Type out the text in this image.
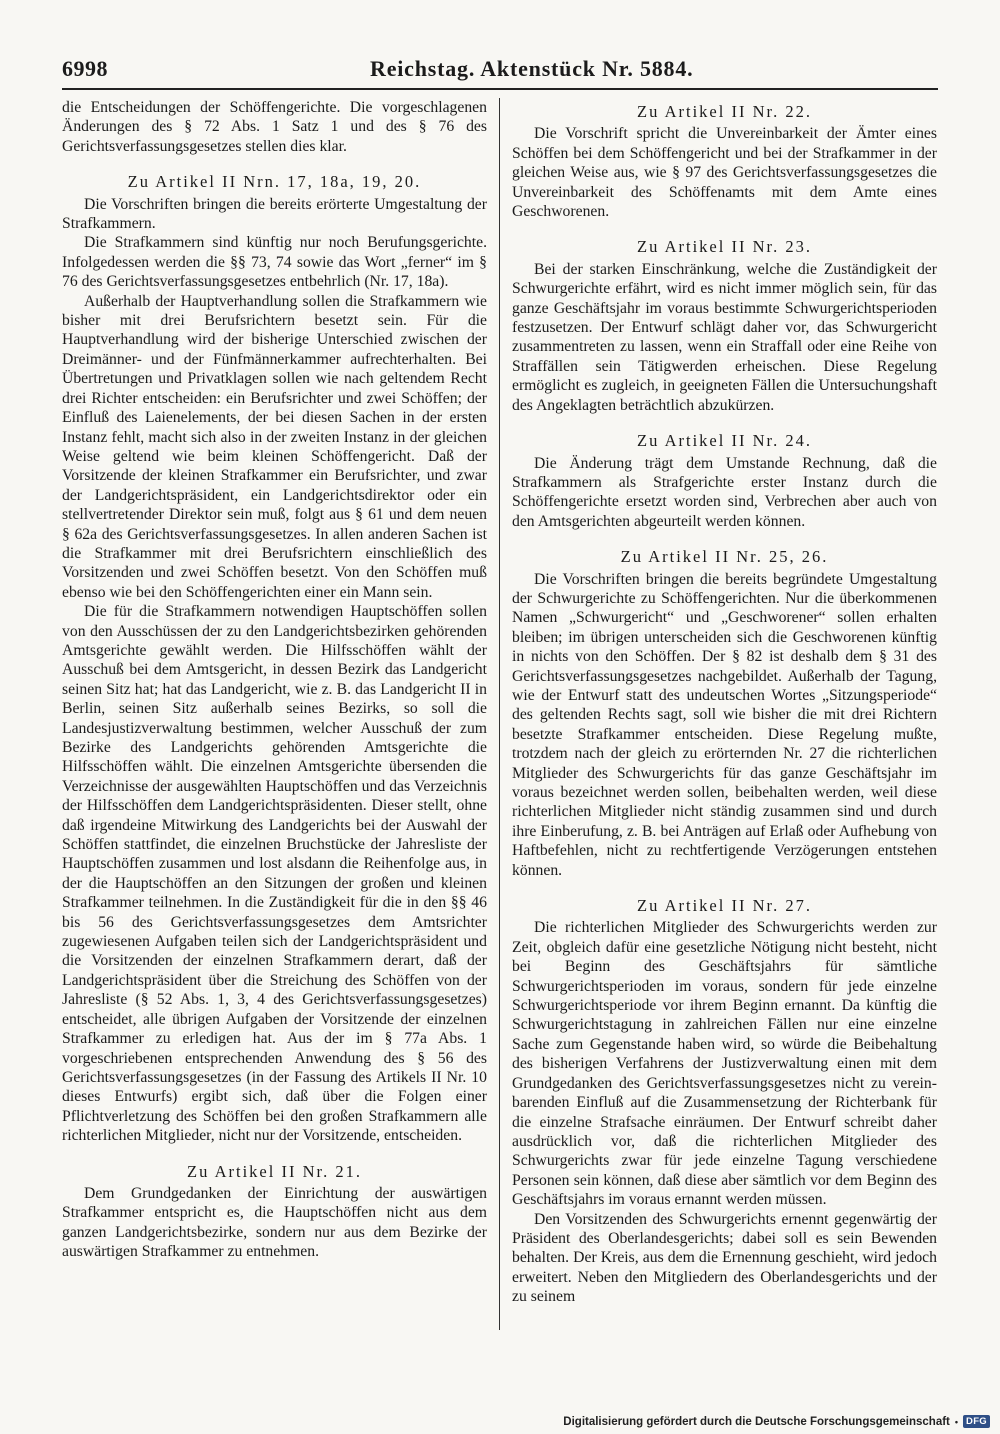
6998	Reichstag. Aktenstück Nr. 5884.

die Entscheidungen der Schöffengerichte. Die vorgeschlagenen Änderungen des § 72 Abs. 1 Satz 1 und des § 76 des Gerichtsverfassungsgesetzes stellen dies klar.

Zu Artikel II Nrn. 17, 18a, 19, 20.

Die Vorschriften bringen die bereits erörterte Umgestaltung der Strafkammern.

Die Strafkammern sind künftig nur noch Berufungsgerichte. Infolgedessen werden die §§ 73, 74 sowie das Wort „ferner“ im § 76 des Gerichtsverfassungsgesetzes entbehrlich (Nr. 17, 18a).

Außerhalb der Hauptverhandlung sollen die Strafkammern wie bisher mit drei Berufsrichtern besetzt sein. Für die Hauptverhandlung wird der bisherige Unterschied zwischen der Dreimänner- und der Fünfmännerkammer aufrechterhalten. Bei Übertretungen und Privatklagen sollen wie nach geltendem Recht drei Richter entscheiden: ein Berufsrichter und zwei Schöffen; der Einfluß des Laienelements, der bei diesen Sachen in der ersten Instanz fehlt, macht sich also in der zweiten Instanz in der gleichen Weise geltend wie beim kleinen Schöffengericht. Daß der Vorsitzende der kleinen Strafkammer ein Berufsrichter, und zwar der Landgerichtspräsident, ein Landgerichtsdirektor oder ein stellvertretender Direktor sein muß, folgt aus § 61 und dem neuen § 62a des Gerichtsverfassungsgesetzes. In allen anderen Sachen ist die Strafkammer mit drei Berufsrichtern einschließlich des Vorsitzenden und zwei Schöffen besetzt. Von den Schöffen muß ebenso wie bei den Schöffengerichten einer ein Mann sein.

Die für die Strafkammern notwendigen Hauptschöffen sollen von den Ausschüssen der zu den Landgerichtsbezirken gehörenden Amtsgerichte gewählt werden. Die Hilfsschöffen wählt der Ausschuß bei dem Amtsgericht, in dessen Bezirk das Landgericht seinen Sitz hat; hat das Landgericht, wie z. B. das Landgericht II in Berlin, seinen Sitz außerhalb seines Bezirks, so soll die Landesjustizverwaltung bestimmen, welcher Ausschuß der zum Bezirke des Landgerichts gehörenden Amtsgerichte die Hilfsschöffen wählt. Die einzelnen Amtsgerichte übersenden die Verzeichnisse der ausgewählten Hauptschöffen und das Verzeichnis der Hilfsschöffen dem Landgerichtspräsidenten. Dieser stellt, ohne daß irgendeine Mitwirkung des Landgerichts bei der Auswahl der Schöffen stattfindet, die einzelnen Bruchstücke der Jahresliste der Hauptschöffen zusammen und lost alsdann die Reihenfolge aus, in der die Hauptschöffen an den Sitzungen der großen und kleinen Strafkammer teilnehmen. In die Zuständigkeit für die in den §§ 46 bis 56 des Gerichtsverfassungsgesetzes dem Amtsrichter zugewiesenen Aufgaben teilen sich der Landgerichtspräsident und die Vorsitzenden der einzelnen Strafkammern derart, daß der Landgerichtspräsident über die Streichung des Schöffen von der Jahresliste (§ 52 Abs. 1, 3, 4 des Gerichtsverfassungsgesetzes) entscheidet, alle übrigen Aufgaben der Vorsitzende der einzelnen Strafkammer zu erledigen hat. Aus der im § 77a Abs. 1 vorgeschriebenen entsprechenden Anwendung des § 56 des Gerichtsverfassungsgesetzes (in der Fassung des Artikels II Nr. 10 dieses Entwurfs) ergibt sich, daß über die Folgen einer Pflichtverletzung des Schöffen bei den großen Strafkammern alle richterlichen Mitglieder, nicht nur der Vorsitzende, entscheiden.

Zu Artikel II Nr. 21.

Dem Grundgedanken der Einrichtung der auswärtigen Strafkammer entspricht es, die Hauptschöffen nicht aus dem ganzen Landgerichtsbezirke, sondern nur aus dem Bezirke der auswärtigen Strafkammer zu entnehmen.

Zu Artikel II Nr. 22.

Die Vorschrift spricht die Unvereinbarkeit der Ämter eines Schöffen bei dem Schöffengericht und bei der Strafkammer in der gleichen Weise aus, wie § 97 des Gerichtsverfassungsgesetzes die Unvereinbarkeit des Schöffenamts mit dem Amte eines Geschworenen.

Zu Artikel II Nr. 23.

Bei der starken Einschränkung, welche die Zuständigkeit der Schwurgerichte erfährt, wird es nicht immer möglich sein, für das ganze Geschäftsjahr im voraus bestimmte Schwurgerichtsperioden festzusetzen. Der Entwurf schlägt daher vor, das Schwurgericht zusammentreten zu lassen, wenn ein Straffall oder eine Reihe von Straffällen sein Tätigwerden erheischen. Diese Regelung ermöglicht es zugleich, in geeigneten Fällen die Untersuchungshaft des Angeklagten beträchtlich abzukürzen.

Zu Artikel II Nr. 24.

Die Änderung trägt dem Umstande Rechnung, daß die Strafkammern als Strafgerichte erster Instanz durch die Schöffengerichte ersetzt worden sind, Verbrechen aber auch von den Amtsgerichten abgeurteilt werden können.

Zu Artikel II Nr. 25, 26.

Die Vorschriften bringen die bereits begründete Umgestaltung der Schwurgerichte zu Schöffengerichten. Nur die überkommenen Namen „Schwurgericht“ und „Geschworener“ sollen erhalten bleiben; im übrigen unterscheiden sich die Geschworenen künftig in nichts von den Schöffen. Der § 82 ist deshalb dem § 31 des Gerichtsverfassungsgesetzes nachgebildet. Außerhalb der Tagung, wie der Entwurf statt des undeutschen Wortes „Sitzungsperiode“ des geltenden Rechts sagt, soll wie bisher die mit drei Richtern besetzte Strafkammer entscheiden. Diese Regelung mußte, trotzdem nach der gleich zu erörternden Nr. 27 die richterlichen Mitglieder des Schwurgerichts für das ganze Geschäftsjahr im voraus bezeichnet werden sollen, beibehalten werden, weil diese richterlichen Mitglieder nicht ständig zusammen sind und durch ihre Einberufung, z. B. bei Anträgen auf Erlaß oder Aufhebung von Haftbefehlen, nicht zu rechtfertigende Verzögerungen entstehen können.

Zu Artikel II Nr. 27.

Die richterlichen Mitglieder des Schwurgerichts werden zur Zeit, obgleich dafür eine gesetzliche Nötigung nicht besteht, nicht bei Beginn des Geschäftsjahrs für sämtliche Schwurgerichtsperioden im voraus, sondern für jede einzelne Schwurgerichtsperiode vor ihrem Beginn ernannt. Da künftig die Schwurgerichtstagung in zahlreichen Fällen nur eine einzelne Sache zum Gegenstande haben wird, so würde die Beibehaltung des bisherigen Verfahrens der Justizverwaltung einen mit dem Grundgedanken des Gerichtsverfassungsgesetzes nicht zu vereinbarenden Einfluß auf die Zusammensetzung der Richterbank für die einzelne Strafsache einräumen. Der Entwurf schreibt daher ausdrücklich vor, daß die richterlichen Mitglieder des Schwurgerichts zwar für jede einzelne Tagung verschiedene Personen sein können, daß diese aber sämtlich vor dem Beginn des Geschäftsjahrs im voraus ernannt werden müssen.

Den Vorsitzenden des Schwurgerichts ernennt gegenwärtig der Präsident des Oberlandesgerichts; dabei soll es sein Bewenden behalten. Der Kreis, aus dem die Ernennung geschieht, wird jedoch erweitert. Neben den Mitgliedern des Oberlandesgerichts und der zu seinem

Digitalisierung gefördert durch die Deutsche Forschungsgemeinschaft • DFG
